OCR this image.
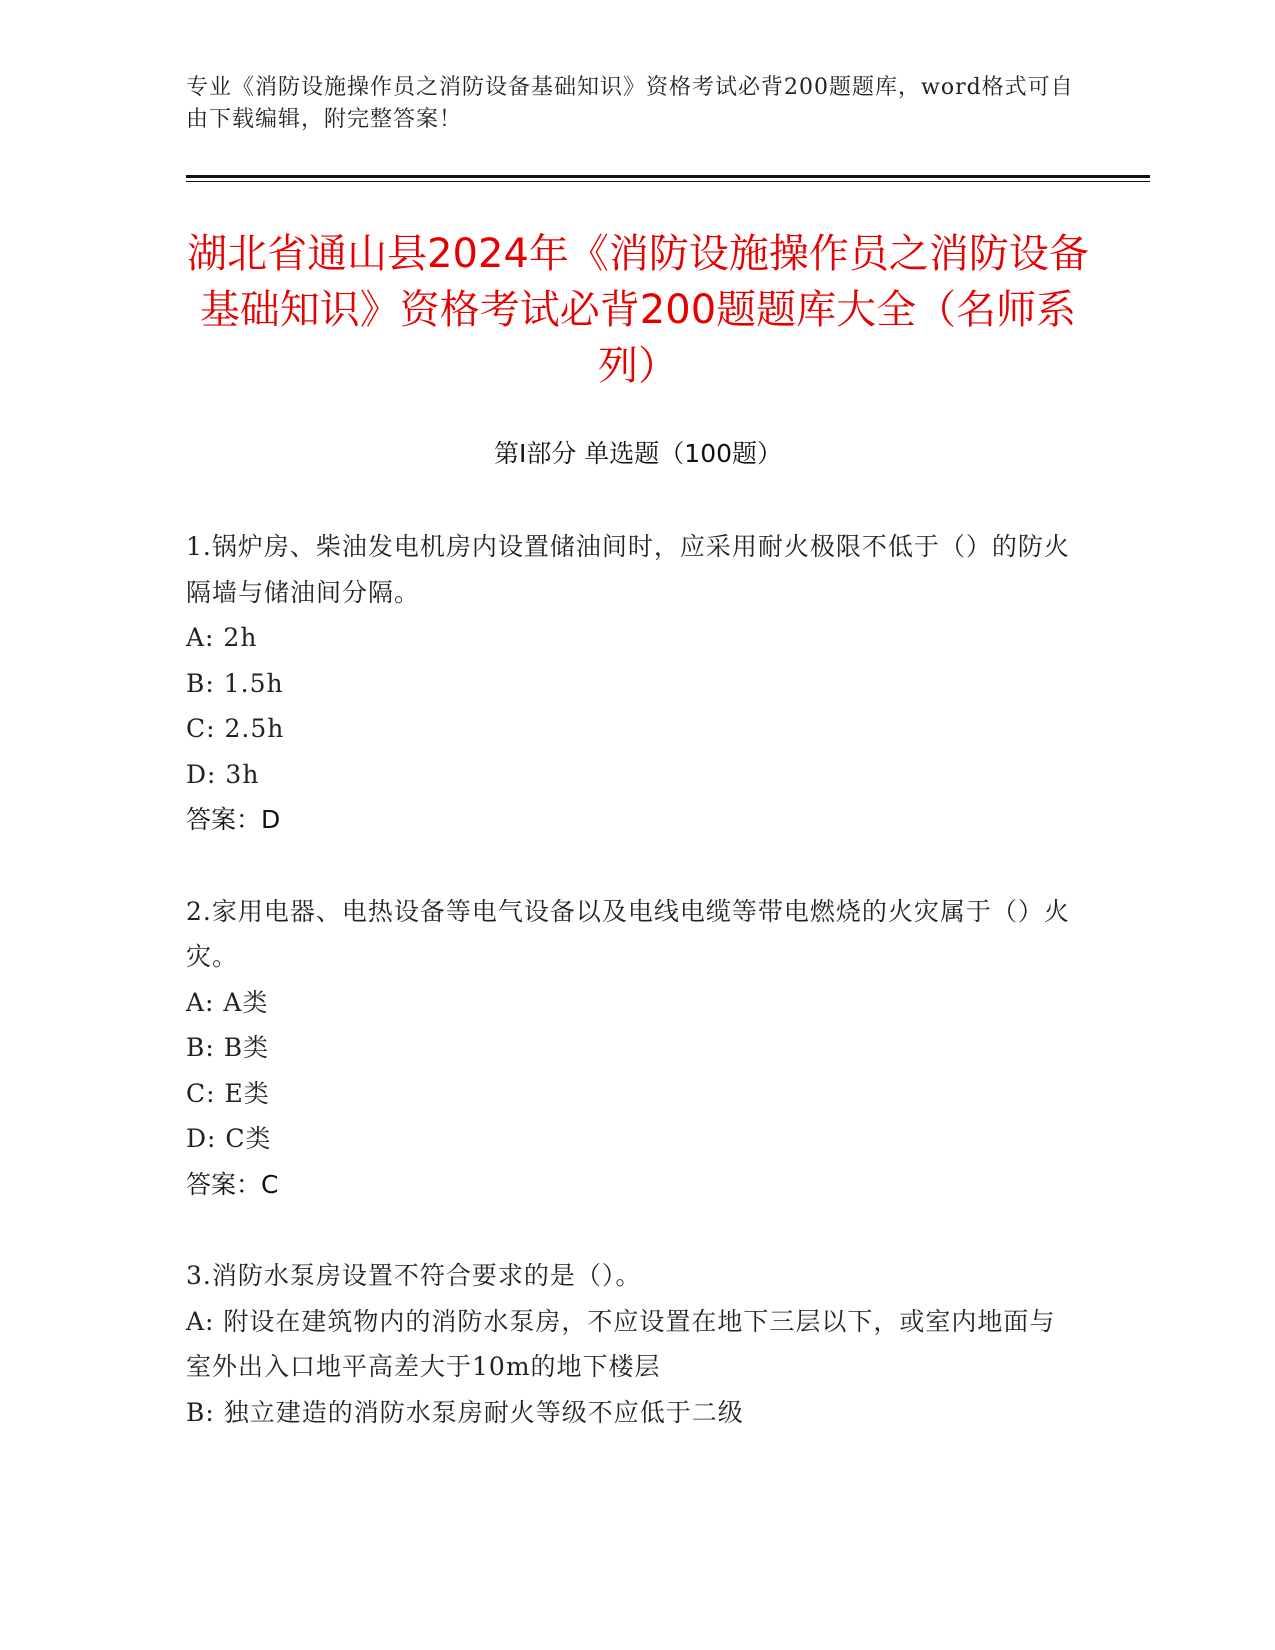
专业《消防设施操作员之消防设备基础知识》资格考试必背200题题库，word格式可自由下载编辑，附完整答案！
湖北省通山县2024年《消防设施操作员之消防设备基础知识》资格考试必背200题题库大全（名师系列）
第I部分 单选题（100题）

1.锅炉房、柴油发电机房内设置储油间时，应采用耐火极限不低于（）的防火隔墙与储油间分隔。

A: 2h

B: 1.5h

C: 2.5h

D: 3h

答案：D

2.家用电器、电热设备等电气设备以及电线电缆等带电燃烧的火灾属于（）火灾。

A: A类

B: B类

C: E类

D: C类

答案：C

3.消防水泵房设置不符合要求的是（）。

A: 附设在建筑物内的消防水泵房，不应设置在地下三层以下，或室内地面与室外出入口地平高差大于10m的地下楼层

B: 独立建造的消防水泵房耐火等级不应低于二级
